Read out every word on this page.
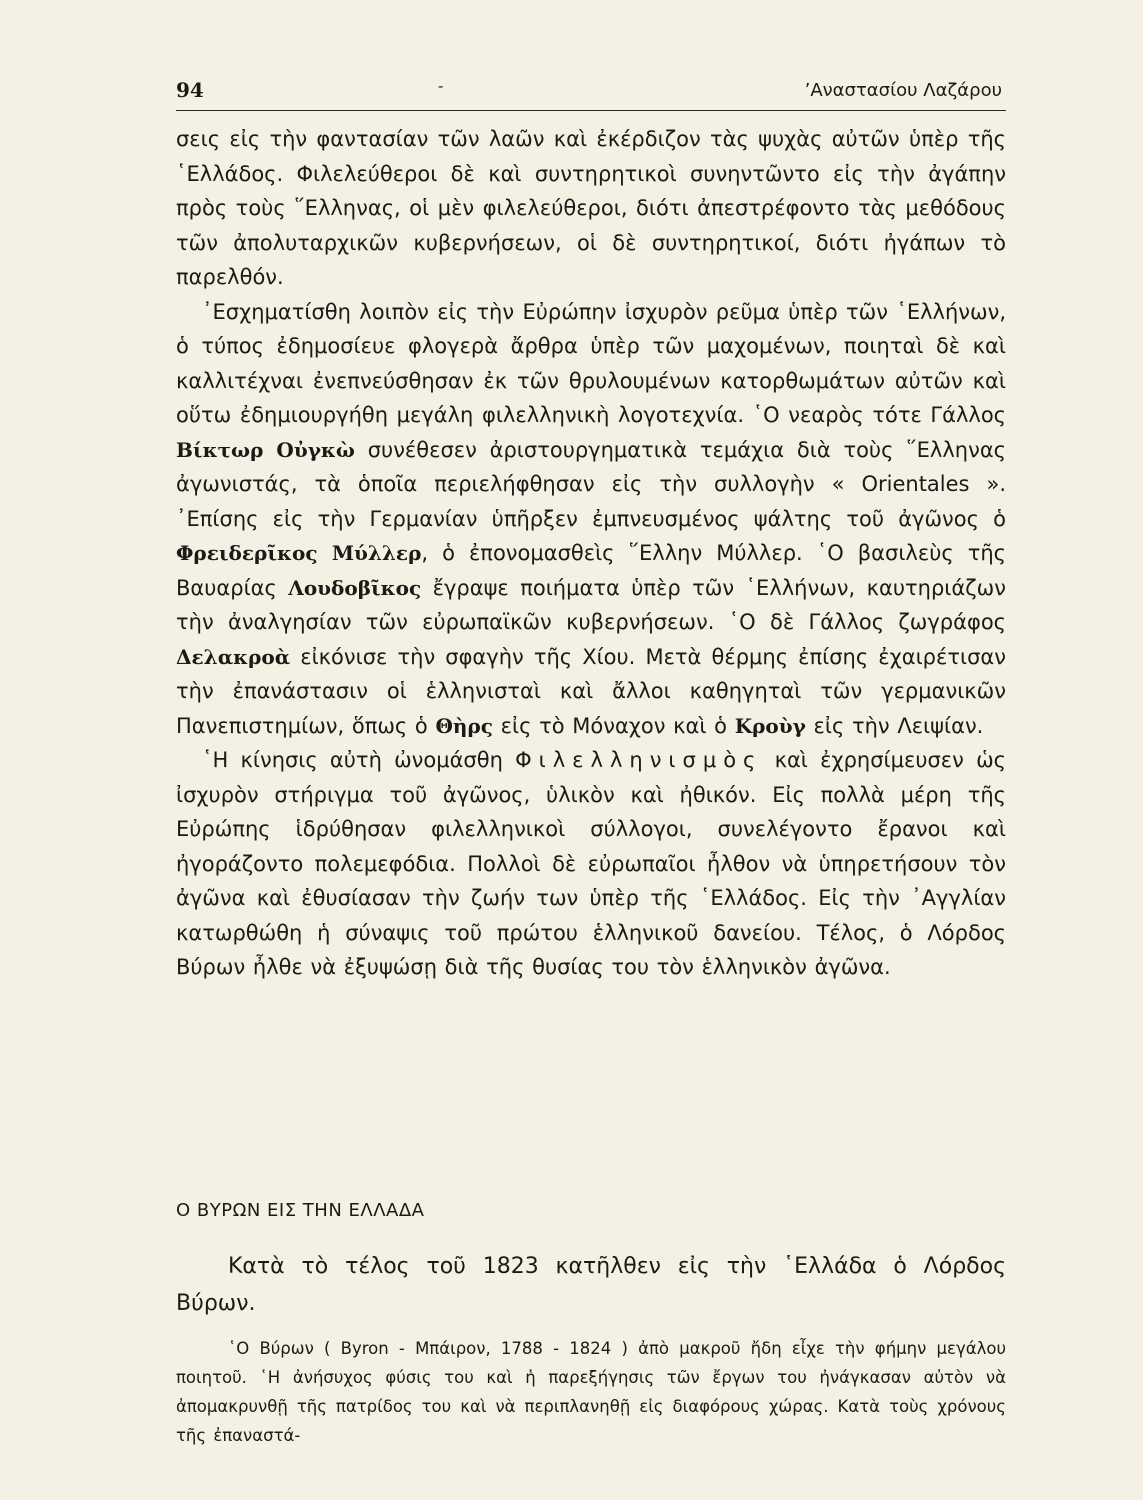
94	-	’Αναστασίου Λαζάρου

σεις εἰς τὴν φαντασίαν τῶν λαῶν καὶ ἐκέρδιζον τὰς ψυχὰς αὐτῶν ὑπὲρ τῆς ῾Ελλάδος. Φιλελεύθεροι δὲ καὶ συντηρητικοὶ συνηντῶντο εἰς τὴν ἀγάπην πρὸς τοὺς ῞Ελληνας, οἱ μὲν φιλελεύθεροι, διότι ἀπεστρέφοντο τὰς μεθόδους τῶν ἀπολυταρχικῶν κυβερνήσεων, οἱ δὲ συντηρητικοί, διότι ἠγάπων τὸ παρελθόν.

᾿Εσχηματίσθη λοιπὸν εἰς τὴν Εὐρώπην ἰσχυρὸν ρεῦμα ὑπὲρ τῶν ῾Ελλήνων, ὁ τύπος ἐδημοσίευε φλογερὰ ἄρθρα ὑπὲρ τῶν μαχομένων, ποιηταὶ δὲ καὶ καλλιτέχναι ἐνεπνεύσθησαν ἐκ τῶν θρυλουμένων κατορθωμάτων αὐτῶν καὶ οὕτω ἐδημιουργήθη μεγάλη φιλελληνικὴ λογοτεχνία. ῾Ο νεαρὸς τότε Γάλλος Βίκτωρ Οὐγκὼ συνέθεσεν ἀριστουργηματικὰ τεμάχια διὰ τοὺς ῞Ελληνας ἀγωνιστάς, τὰ ὁποῖα περιελήφθησαν εἰς τὴν συλλογὴν « Orientales ». ᾿Επίσης εἰς τὴν Γερμανίαν ὑπῆρξεν ἐμπνευσμένος ψάλτης τοῦ ἀγῶνος ὁ Φρειδερῖκος Μύλλερ, ὁ ἐπονομασθεὶς ῞Ελλην Μύλλερ. ῾Ο βασιλεὺς τῆς Βαυαρίας Λουδοβῖκος ἔγραψε ποιήματα ὑπὲρ τῶν ῾Ελλήνων, καυτηριάζων τὴν ἀναλγησίαν τῶν εὐρωπαϊκῶν κυβερνήσεων. ῾Ο δὲ Γάλλος ζωγράφος Δελακροὰ εἰκόνισε τὴν σφαγὴν τῆς Χίου. Μετὰ θέρμης ἐπίσης ἐχαιρέτισαν τὴν ἐπανάστασιν οἱ ἑλληνισταὶ καὶ ἄλλοι καθηγηταὶ τῶν γερμανικῶν Πανεπιστημίων, ὅπως ὁ Θὴρς εἰς τὸ Μόναχον καὶ ὁ Κροὺγ εἰς τὴν Λειψίαν.

῾Η κίνησις αὐτὴ ὠνομάσθη Φιλελληνισμὸς καὶ ἐχρησίμευσεν ὡς ἰσχυρὸν στήριγμα τοῦ ἀγῶνος, ὑλικὸν καὶ ἠθικόν. Εἰς πολλὰ μέρη τῆς Εὐρώπης ἱδρύθησαν φιλελληνικοὶ σύλλογοι, συνελέγοντο ἔρανοι καὶ ἠγοράζοντο πολεμεφόδια. Πολλοὶ δὲ εὐρωπαῖοι ἦλθον νὰ ὑπηρετήσουν τὸν ἀγῶνα καὶ ἐθυσίασαν τὴν ζωήν των ὑπὲρ τῆς ῾Ελλάδος. Εἰς τὴν ᾿Αγγλίαν κατωρθώθη ἡ σύναψις τοῦ πρώτου ἑλληνικοῦ δανείου. Τέλος, ὁ Λόρδος Βύρων ἦλθε νὰ ἐξυψώσῃ διὰ τῆς θυσίας του τὸν ἑλληνικὸν ἀγῶνα.

Ο ΒΥΡΩΝ ΕΙΣ ΤΗΝ ΕΛΛΑΔΑ

Κατὰ τὸ τέλος τοῦ 1823 κατῆλθεν εἰς τὴν ῾Ελλάδα ὁ Λόρδος Βύρων.

῾Ο Βύρων ( Byron - Μπάιρον, 1788 - 1824 ) ἀπὸ μακροῦ ἤδη εἶχε τὴν φήμην μεγάλου ποιητοῦ. ῾Η ἀνήσυχος φύσις του καὶ ἡ παρεξήγησις τῶν ἔργων του ἠνάγκασαν αὐτὸν νὰ ἀπομακρυνθῇ τῆς πατρίδος του καὶ νὰ περιπλανηθῇ εἰς διαφόρους χώρας. Κατὰ τοὺς χρόνους τῆς ἐπαναστά-
